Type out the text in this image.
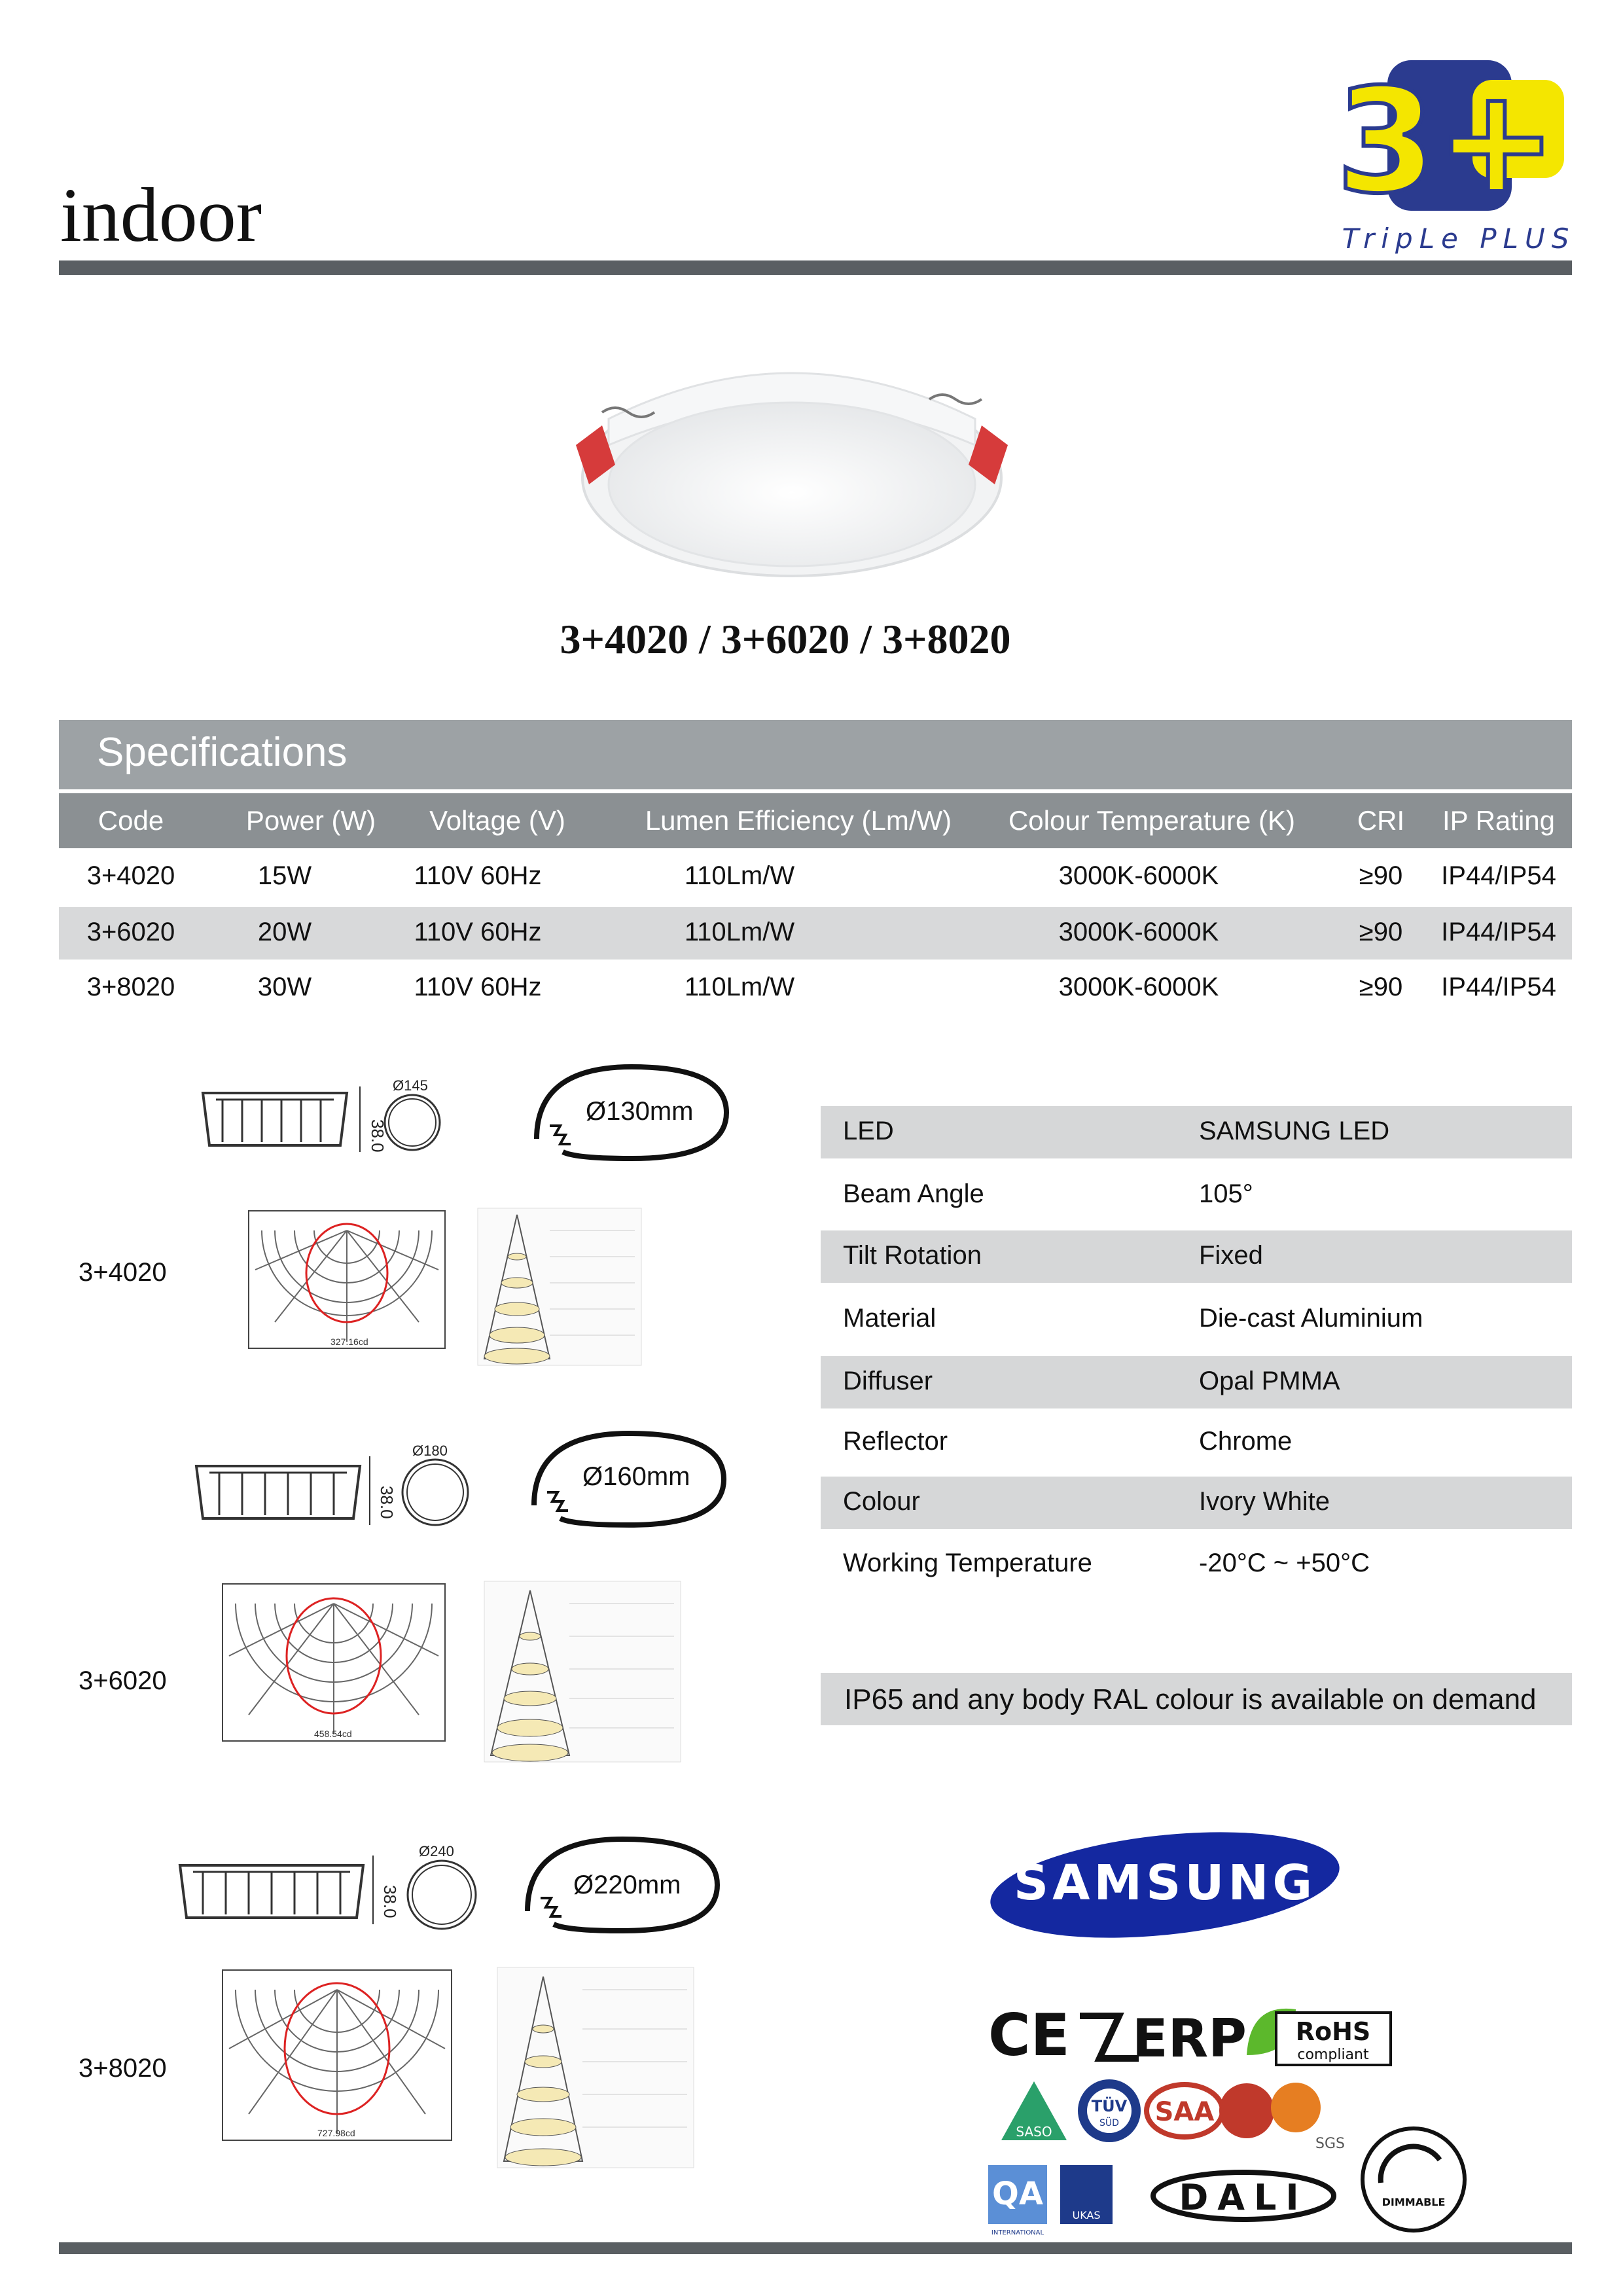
indoor	3+
TripLe PLUS
3+4020 / 3+6020 / 3+8020
Specifications
Code	Power (W)	Voltage (V)	Lumen Efficiency (Lm/W)	Colour Temperature (K)	CRI	IP Rating
3+4020	15W	110V 60Hz	110Lm/W	3000K-6000K	≥90	IP44/IP54
3+6020	20W	110V 60Hz	110Lm/W	3000K-6000K	≥90	IP44/IP54
3+8020	30W	110V 60Hz	110Lm/W	3000K-6000K	≥90	IP44/IP54
LED	SAMSUNG LED
Beam Angle	105°
Tilt Rotation	Fixed
Material	Die-cast Aluminium
Diffuser	Opal PMMA
Reflector	Chrome
Colour	Ivory White
Working Temperature	-20°C ~ +50°C
IP65 and any body RAL colour is available on demand
3+4020
38.0
Ø145
Ø130mm
327.16cd
3+6020
38.0
Ø180
Ø160mm
458.54cd
3+8020
38.0
Ø240
Ø220mm
727.98cd
SAMSUNG
CE ERP RoHS
compliant
SASO
TÜV
SÜD SAA
SGS
QA
INTERNATIONAL
UKAS DALI	DIMMABLE
